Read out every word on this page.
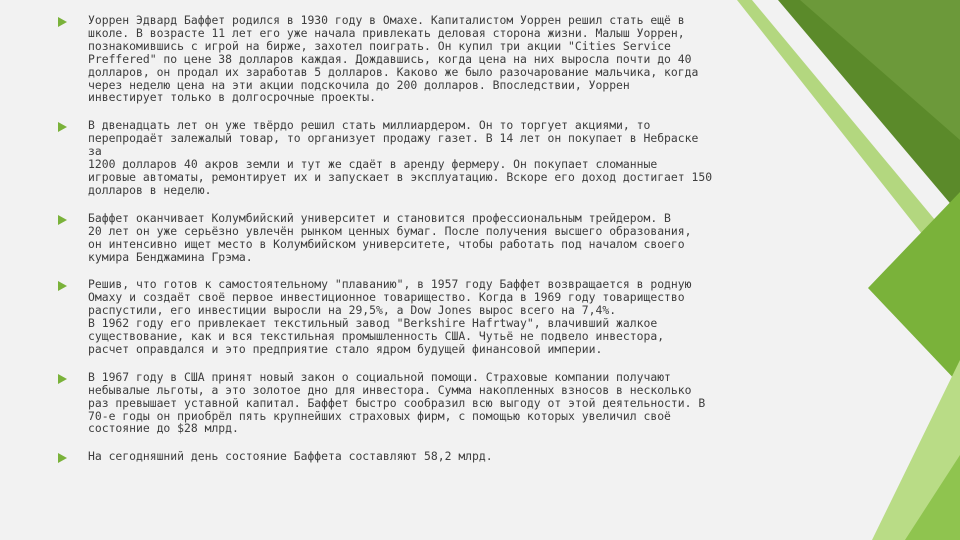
Уоррен Эдвард Баффет родился в 1930 году в Омахе. Капиталистом Уоррен решил стать ещё в
школе. В возрасте 11 лет его уже начала привлекать деловая сторона жизни. Малыш Уоррен,
познакомившись с игрой на бирже, захотел поиграть. Он купил три акции "Cities Service
Preffered" по цене 38 долларов каждая. Дождавшись, когда цена на них выросла почти до 40
долларов, он продал их заработав 5 долларов. Каково же было разочарование мальчика, когда
через неделю цена на эти акции подскочила до 200 долларов. Впоследствии, Уоррен
инвестирует только в долгосрочные проекты.

В двенадцать лет он уже твёрдо решил стать миллиардером. Он то торгует акциями, то
перепродаёт залежалый товар, то организует продажу газет. В 14 лет он покупает в Небраске за
1200 долларов 40 акров земли и тут же сдаёт в аренду фермеру. Он покупает сломанные
игровые автоматы, ремонтирует их и запускает в эксплуатацию. Вскоре его доход достигает 150
долларов в неделю.

Баффет оканчивает Колумбийский университет и становится профессиональным трейдером. В
20 лет он уже серьёзно увлечён рынком ценных бумаг. После получения высшего образования,
он интенсивно ищет место в Колумбийском университете, чтобы работать под началом своего
кумира Бенджамина Грэма.

Решив, что готов к самостоятельному "плаванию", в 1957 году Баффет возвращается в родную
Омаху и создаёт своё первое инвестиционное товарищество. Когда в 1969 году товарищество
распустили, его инвестиции выросли на 29,5%, а Dow Jones вырос всего на 7,4%.
В 1962 году его привлекает текстильный завод "Berkshire Hafrtway", влачивший жалкое
существование, как и вся текстильная промышленность США. Чутьё не подвело инвестора,
расчет оправдался и это предприятие стало ядром будущей финансовой империи.

В 1967 году в США принят новый закон о социальной помощи. Страховые компании получают
небывалые льготы, а это золотое дно для инвестора. Сумма накопленных взносов в несколько
раз превышает уставной капитал. Баффет быстро сообразил всю выгоду от этой деятельности. В
70-е годы он приобрёл пять крупнейших страховых фирм, с помощью которых увеличил своё
состояние до $28 млрд.

На сегодняшний день состояние Баффета составляют 58,2 млрд.
